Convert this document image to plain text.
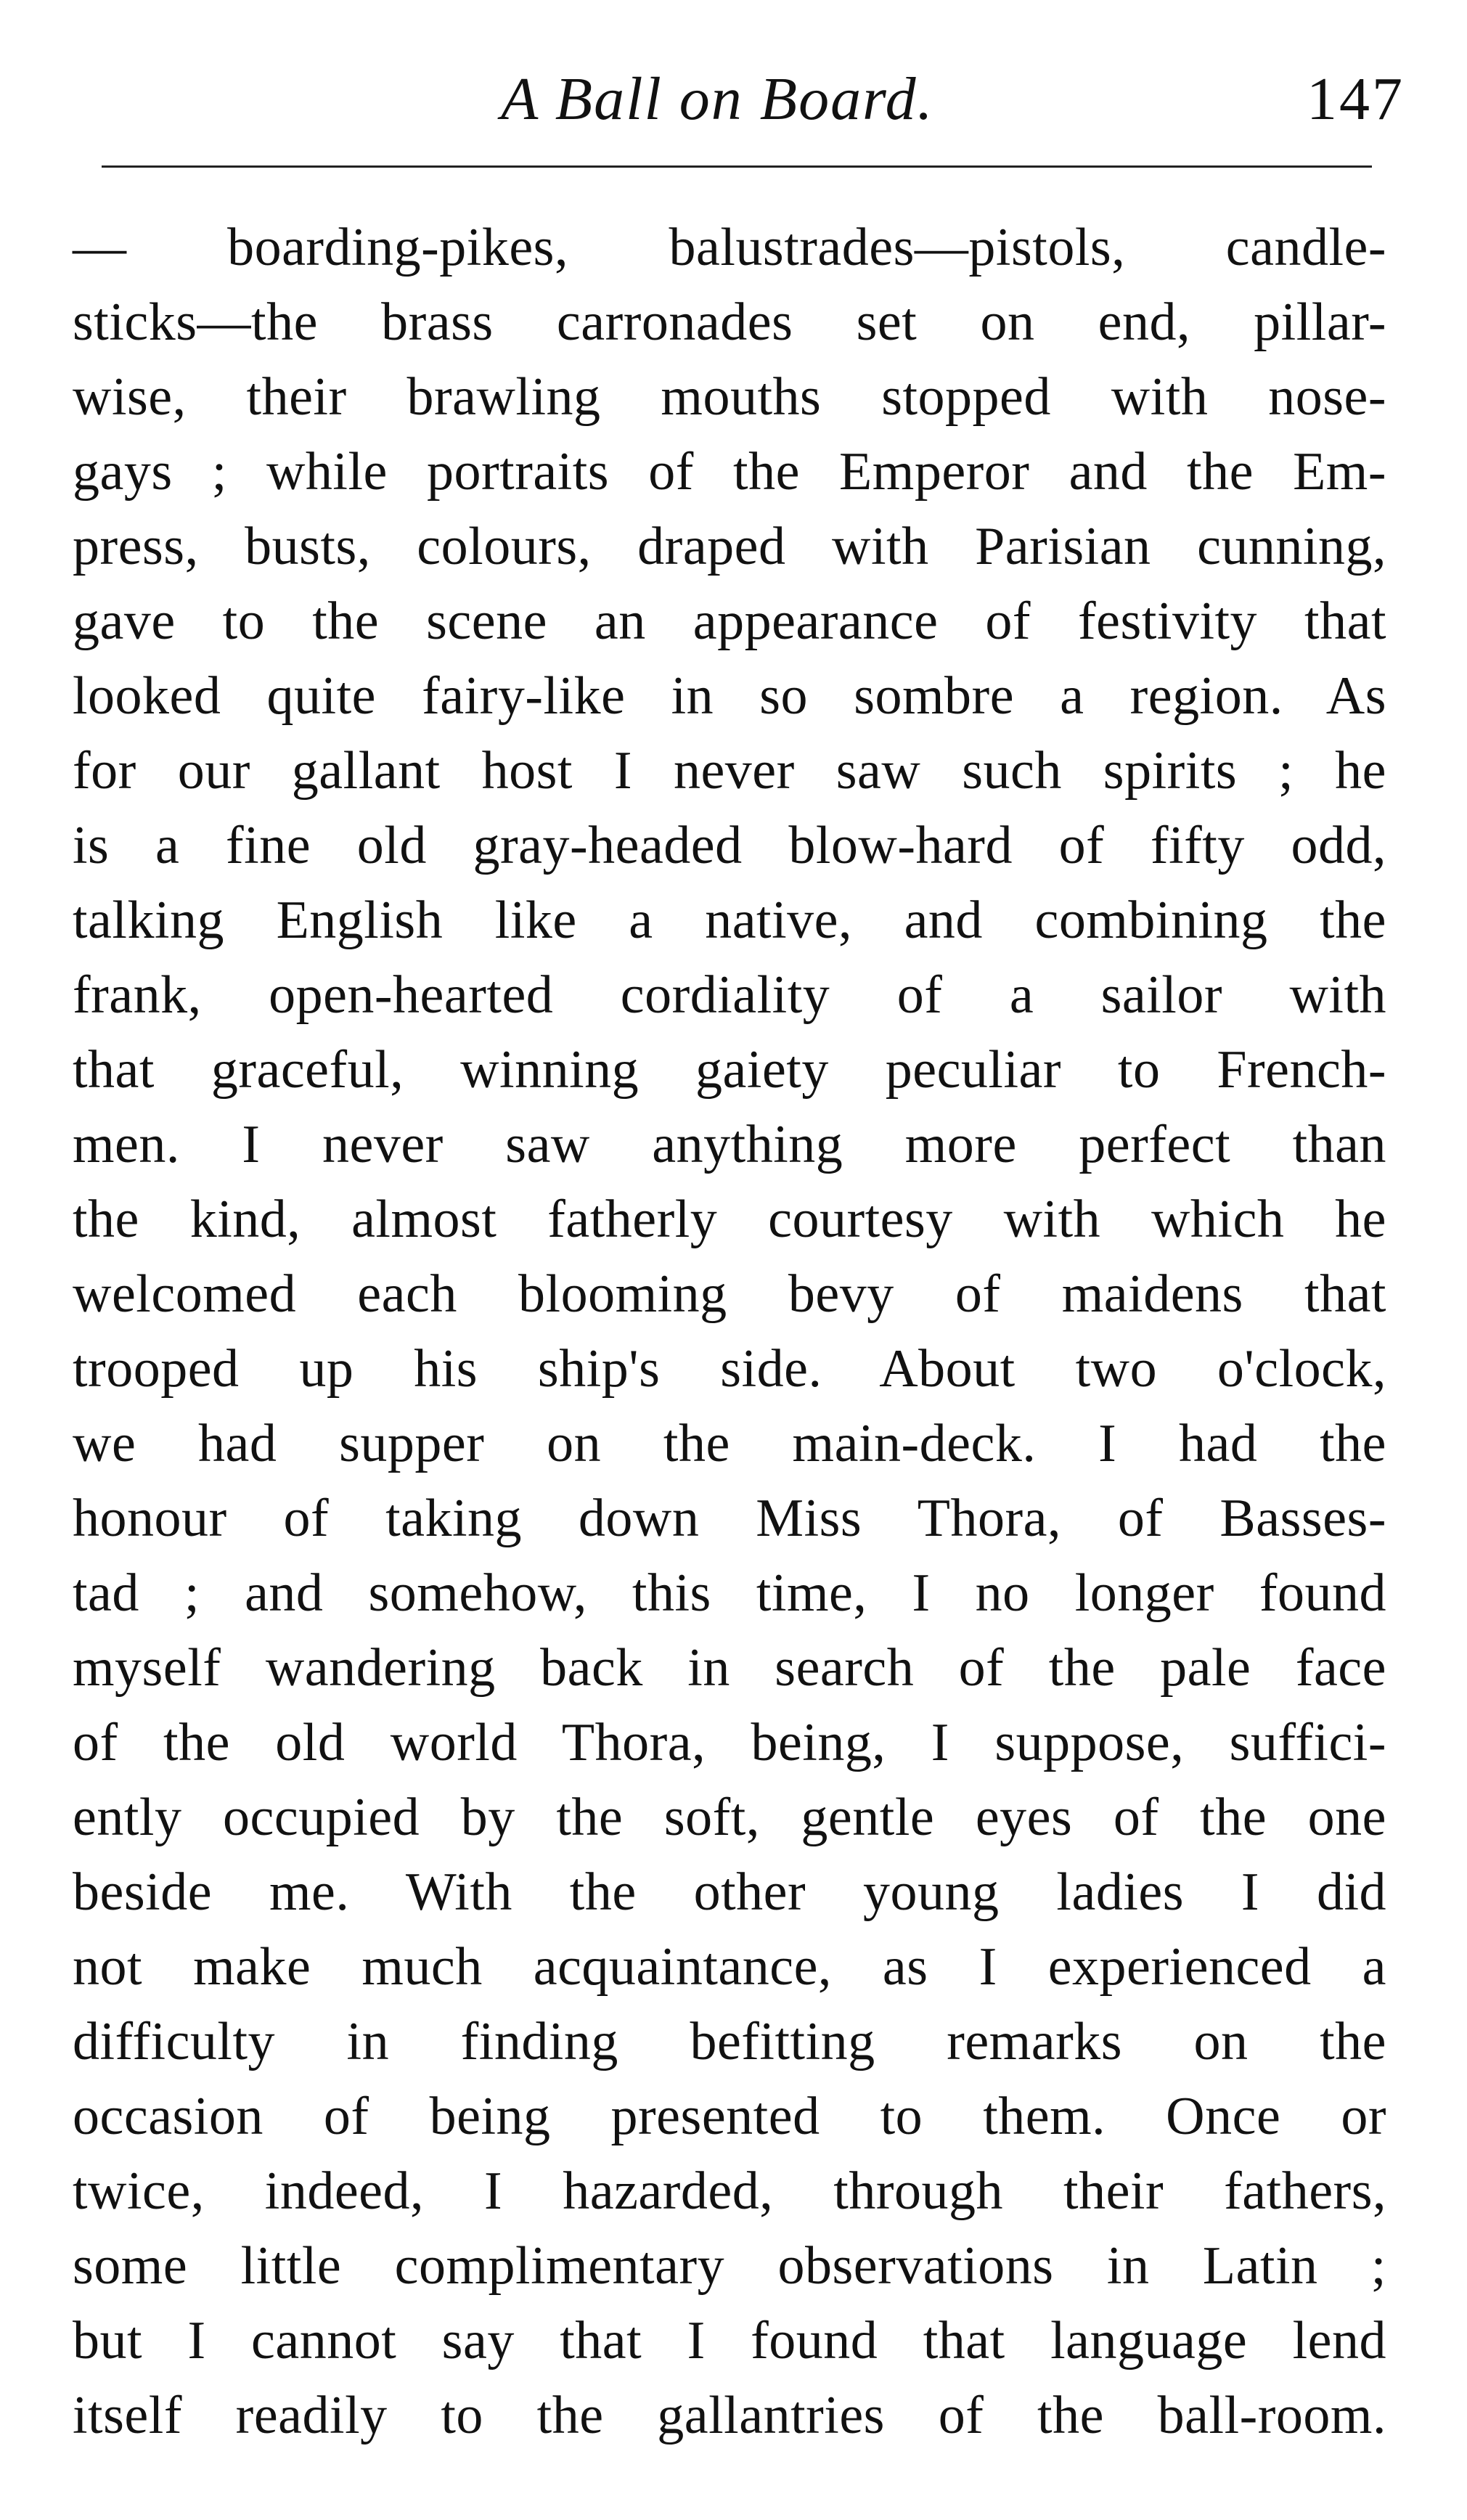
A Ball on Board.	147
— boarding-pikes, balustrades—pistols, candle-
sticks—the brass carronades set on end, pillar-
wise, their brawling mouths stopped with nose-
gays ; while portraits of the Emperor and the Em-
press, busts, colours, draped with Parisian cunning,
gave to the scene an appearance of festivity that
looked quite fairy-like in so sombre a region. As
for our gallant host I never saw such spirits ; he
is a fine old gray-headed blow-hard of fifty odd,
talking English like a native, and combining the
frank, open-hearted cordiality of a sailor with
that graceful, winning gaiety peculiar to French-
men. I never saw anything more perfect than
the kind, almost fatherly courtesy with which he
welcomed each blooming bevy of maidens that
trooped up his ship's side. About two o'clock,
we had supper on the main-deck. I had the
honour of taking down Miss Thora, of Basses-
tad ; and somehow, this time, I no longer found
myself wandering back in search of the pale face
of the old world Thora, being, I suppose, suffici-
ently occupied by the soft, gentle eyes of the one
beside me. With the other young ladies I did
not make much acquaintance, as I experienced a
difficulty in finding befitting remarks on the
occasion of being presented to them. Once or
twice, indeed, I hazarded, through their fathers,
some little complimentary observations in Latin ;
but I cannot say that I found that language lend
itself readily to the gallantries of the ball-room.
